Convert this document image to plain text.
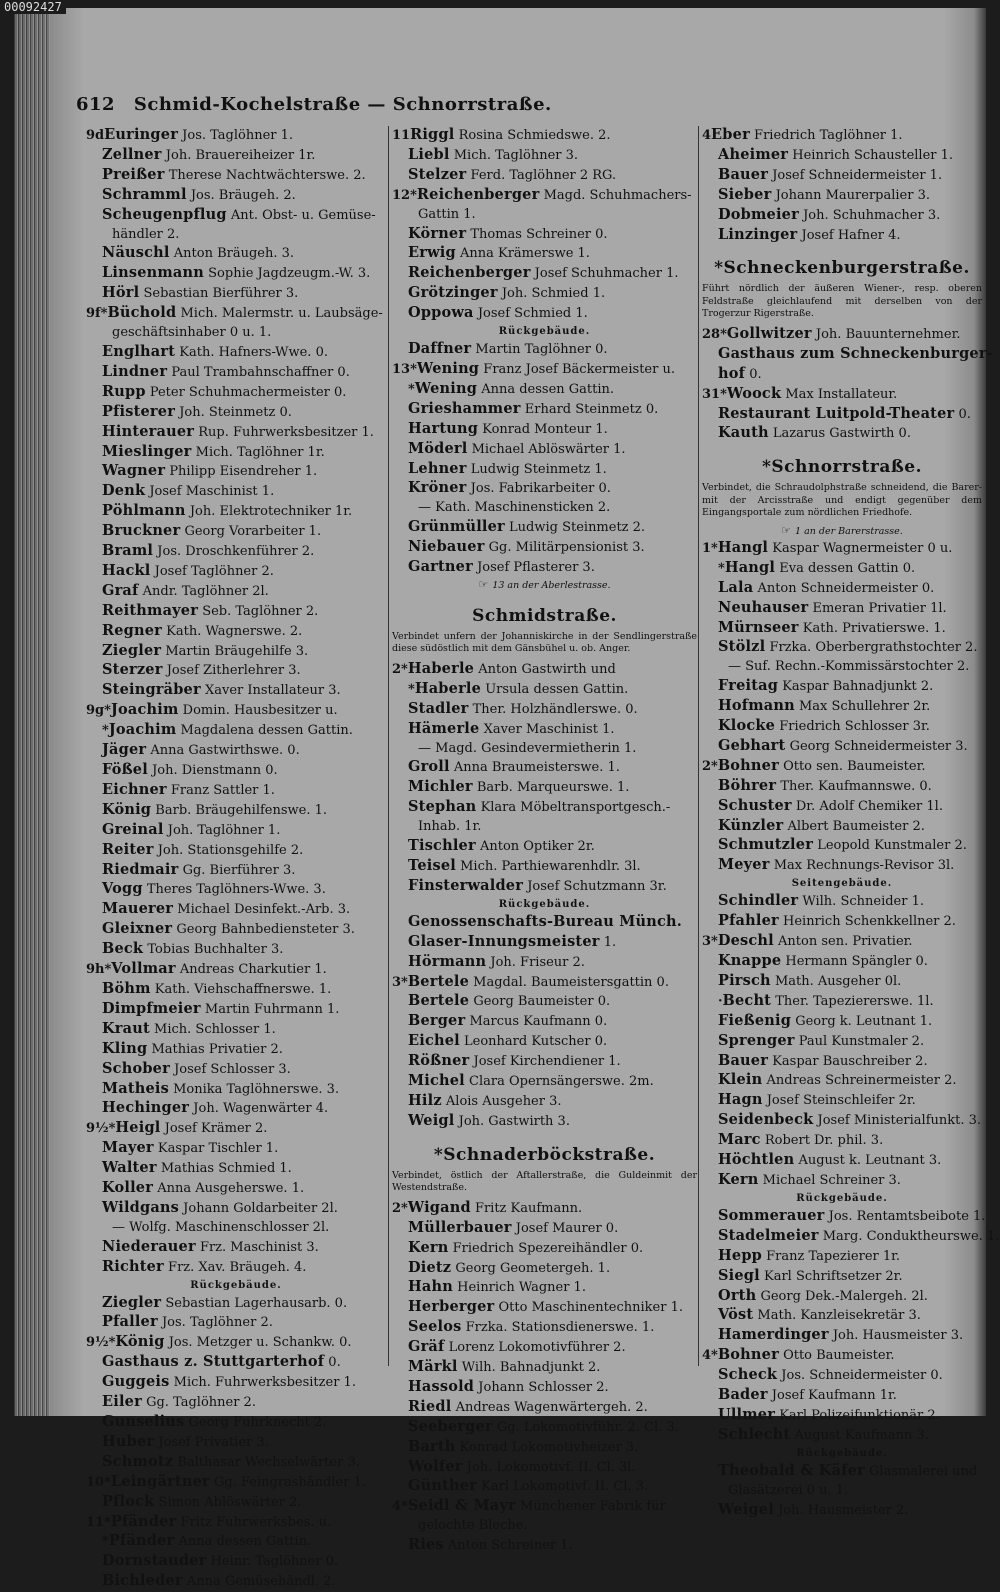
612 Schmid-Kochelstraße — Schnorrstraße.
9dEuringer Jos. Taglöhner 1.
Zellner Joh. Brauereiheizer 1r.
Preißer Therese Nachtwächterswe. 2.
Schramml Jos. Bräugeh. 2.
Scheugenpflug Ant. Obst- u. Gemüse-
händler 2.
Näuschl Anton Bräugeh. 3.
Linsenmann Sophie Jagdzeugm.-W. 3.
Hörl Sebastian Bierführer 3.
9f*Büchold Mich. Malermstr. u. Laubsäge-
geschäftsinhaber 0 u. 1.
Englhart Kath. Hafners-Wwe. 0.
Lindner Paul Trambahnschaffner 0.
Rupp Peter Schuhmachermeister 0.
Pfisterer Joh. Steinmetz 0.
Hinterauer Rup. Fuhrwerksbesitzer 1.
Mieslinger Mich. Taglöhner 1r.
Wagner Philipp Eisendreher 1.
Denk Josef Maschinist 1.
Pöhlmann Joh. Elektrotechniker 1r.
Bruckner Georg Vorarbeiter 1.
Braml Jos. Droschkenführer 2.
Hackl Josef Taglöhner 2.
Graf Andr. Taglöhner 2l.
Reithmayer Seb. Taglöhner 2.
Regner Kath. Wagnerswe. 2.
Ziegler Martin Bräugehilfe 3.
Sterzer Josef Zitherlehrer 3.
Steingräber Xaver Installateur 3.
9g*Joachim Domin. Hausbesitzer u.
*Joachim Magdalena dessen Gattin.
Jäger Anna Gastwirthswe. 0.
Fößel Joh. Dienstmann 0.
Eichner Franz Sattler 1.
König Barb. Bräugehilfenswe. 1.
Greinal Joh. Taglöhner 1.
Reiter Joh. Stationsgehilfe 2.
Riedmair Gg. Bierführer 3.
Vogg Theres Taglöhners-Wwe. 3.
Mauerer Michael Desinfekt.-Arb. 3.
Gleixner Georg Bahnbediensteter 3.
Beck Tobias Buchhalter 3.
9h*Vollmar Andreas Charkutier 1.
Böhm Kath. Viehschaffnerswe. 1.
Dimpfmeier Martin Fuhrmann 1.
Kraut Mich. Schlosser 1.
Kling Mathias Privatier 2.
Schober Josef Schlosser 3.
Matheis Monika Taglöhnerswe. 3.
Hechinger Joh. Wagenwärter 4.
9½*Heigl Josef Krämer 2.
Mayer Kaspar Tischler 1.
Walter Mathias Schmied 1.
Koller Anna Ausgeherswe. 1.
Wildgans Johann Goldarbeiter 2l.
— Wolfg. Maschinenschlosser 2l.
Niederauer Frz. Maschinist 3.
Richter Frz. Xav. Bräugeh. 4.
Rückgebäude.
Ziegler Sebastian Lagerhausarb. 0.
Pfaller Jos. Taglöhner 2.
9½*König Jos. Metzger u. Schankw. 0.
Gasthaus z. Stuttgarterhof 0.
Guggeis Mich. Fuhrwerksbesitzer 1.
Eiler Gg. Taglöhner 2.
Gunselius Georg Fuhrknecht 2.
Huber Josef Privatier 3.
Schmotz Balthasar Wechselwärter 3.
10*Leingärtner Gg. Feingrashändler 1.
Pflock Simon Ablöswärter 2.
11*Pfänder Fritz Fuhrwerksbes. u.
*Pfänder Anna dessen Gattin.
Dornstauder Heinr. Taglöhner 0.
Bichleder Anna Gemüsehändl. 2.
11Riggl Rosina Schmiedswe. 2.
Liebl Mich. Taglöhner 3.
Stelzer Ferd. Taglöhner 2 RG.
12*Reichenberger Magd. Schuhmachers-
Gattin 1.
Körner Thomas Schreiner 0.
Erwig Anna Krämerswe 1.
Reichenberger Josef Schuhmacher 1.
Grötzinger Joh. Schmied 1.
Oppowa Josef Schmied 1.
Rückgebäude.
Daffner Martin Taglöhner 0.
13*Wening Franz Josef Bäckermeister u.
*Wening Anna dessen Gattin.
Grieshammer Erhard Steinmetz 0.
Hartung Konrad Monteur 1.
Möderl Michael Ablöswärter 1.
Lehner Ludwig Steinmetz 1.
Kröner Jos. Fabrikarbeiter 0.
— Kath. Maschinensticken 2.
Grünmüller Ludwig Steinmetz 2.
Niebauer Gg. Militärpensionist 3.
Gartner Josef Pflasterer 3.
☞ 13 an der Aberlestrasse.
Schmidstraße.
Verbindet unfern der Johanniskirche in der Sendlingerstraße diese südöstlich mit dem Gänsbühel u. ob. Anger.
2*Haberle Anton Gastwirth und
*Haberle Ursula dessen Gattin.
Stadler Ther. Holzhändlerswe. 0.
Hämerle Xaver Maschinist 1.
— Magd. Gesindevermietherin 1.
Groll Anna Braumeisterswe. 1.
Michler Barb. Marqueurswe. 1.
Stephan Klara Möbeltransportgesch.-
Inhab. 1r.
Tischler Anton Optiker 2r.
Teisel Mich. Parthiewarenhdlr. 3l.
Finsterwalder Josef Schutzmann 3r.
Rückgebäude.
Genossenschafts-Bureau Münch.
Glaser-Innungsmeister 1.
Hörmann Joh. Friseur 2.
3*Bertele Magdal. Baumeistersgattin 0.
Bertele Georg Baumeister 0.
Berger Marcus Kaufmann 0.
Eichel Leonhard Kutscher 0.
Rößner Josef Kirchendiener 1.
Michel Clara Opernsängerswe. 2m.
Hilz Alois Ausgeher 3.
Weigl Joh. Gastwirth 3.
*Schnaderböckstraße.
Verbindet, östlich der Aftallerstraße, die Guldeinmit der Westendstraße.
2*Wigand Fritz Kaufmann.
Müllerbauer Josef Maurer 0.
Kern Friedrich Spezereihändler 0.
Dietz Georg Geometergeh. 1.
Hahn Heinrich Wagner 1.
Herberger Otto Maschinentechniker 1.
Seelos Frzka. Stationsdienerswe. 1.
Gräf Lorenz Lokomotivführer 2.
Märkl Wilh. Bahnadjunkt 2.
Hassold Johann Schlosser 2.
Riedl Andreas Wagenwärtergeh. 2.
Seeberger Gg. Lokomotivführ. 2. Cl. 3.
Barth Konrad Lokomotivheizer 3.
Wolfer Joh. Lokomotivf. II. Cl. 3l.
Günther Karl Lokomotivf. II. Cl. 3.
4*Seidl & Mayr Münchener Fabrik für
gelochte Bleche.
Ries Anton Schreiner 1.
4Eber Friedrich Taglöhner 1.
Aheimer Heinrich Schausteller 1.
Bauer Josef Schneidermeister 1.
Sieber Johann Maurerpalier 3.
Dobmeier Joh. Schuhmacher 3.
Linzinger Josef Hafner 4.
*Schneckenburgerstraße.
Führt nördlich der äußeren Wiener-, resp. oberen Feldstraße gleichlaufend mit derselben von der Trogerzur Rigerstraße.
28*Gollwitzer Joh. Bauunternehmer.
Gasthaus zum Schneckenburger-
hof 0.
31*Woock Max Installateur.
Restaurant Luitpold-Theater 0.
Kauth Lazarus Gastwirth 0.
*Schnorrstraße.
Verbindet, die Schraudolphstraße schneidend, die Barer- mit der Arcisstraße und endigt gegenüber dem Eingangsportale zum nördlichen Friedhofe.
☞ 1 an der Barerstrasse.
1*Hangl Kaspar Wagnermeister 0 u.
*Hangl Eva dessen Gattin 0.
Lala Anton Schneidermeister 0.
Neuhauser Emeran Privatier 1l.
Mürnseer Kath. Privatierswe. 1.
Stölzl Frzka. Oberbergrathstochter 2.
— Suf. Rechn.-Kommissärstochter 2.
Freitag Kaspar Bahnadjunkt 2.
Hofmann Max Schullehrer 2r.
Klocke Friedrich Schlosser 3r.
Gebhart Georg Schneidermeister 3.
2*Bohner Otto sen. Baumeister.
Böhrer Ther. Kaufmannswe. 0.
Schuster Dr. Adolf Chemiker 1l.
Künzler Albert Baumeister 2.
Schmutzler Leopold Kunstmaler 2.
Meyer Max Rechnungs-Revisor 3l.
Seitengebäude.
Schindler Wilh. Schneider 1.
Pfahler Heinrich Schenkkellner 2.
3*Deschl Anton sen. Privatier.
Knappe Hermann Spängler 0.
Pirsch Math. Ausgeher 0l.
·Becht Ther. Tapeziererswe. 1l.
Fießenig Georg k. Leutnant 1.
Sprenger Paul Kunstmaler 2.
Bauer Kaspar Bauschreiber 2.
Klein Andreas Schreinermeister 2.
Hagn Josef Steinschleifer 2r.
Seidenbeck Josef Ministerialfunkt. 3.
Marc Robert Dr. phil. 3.
Höchtlen August k. Leutnant 3.
Kern Michael Schreiner 3.
Rückgebäude.
Sommerauer Jos. Rentamtsbeibote 1.
Stadelmeier Marg. Conduktheurswe. 1.
Hepp Franz Tapezierer 1r.
Siegl Karl Schriftsetzer 2r.
Orth Georg Dek.-Malergeh. 2l.
Vöst Math. Kanzleisekretär 3.
Hamerdinger Joh. Hausmeister 3.
4*Bohner Otto Baumeister.
Scheck Jos. Schneidermeister 0.
Bader Josef Kaufmann 1r.
Ullmer Karl Polizeifunktionär 2.
Schlecht August Kaufmann 3.
Rückgebäude.
Theobald & Käfer Glasmalerei und
Glasätzerei 0 u. 1.
Weigel Joh. Hausmeister 2.
00092427
